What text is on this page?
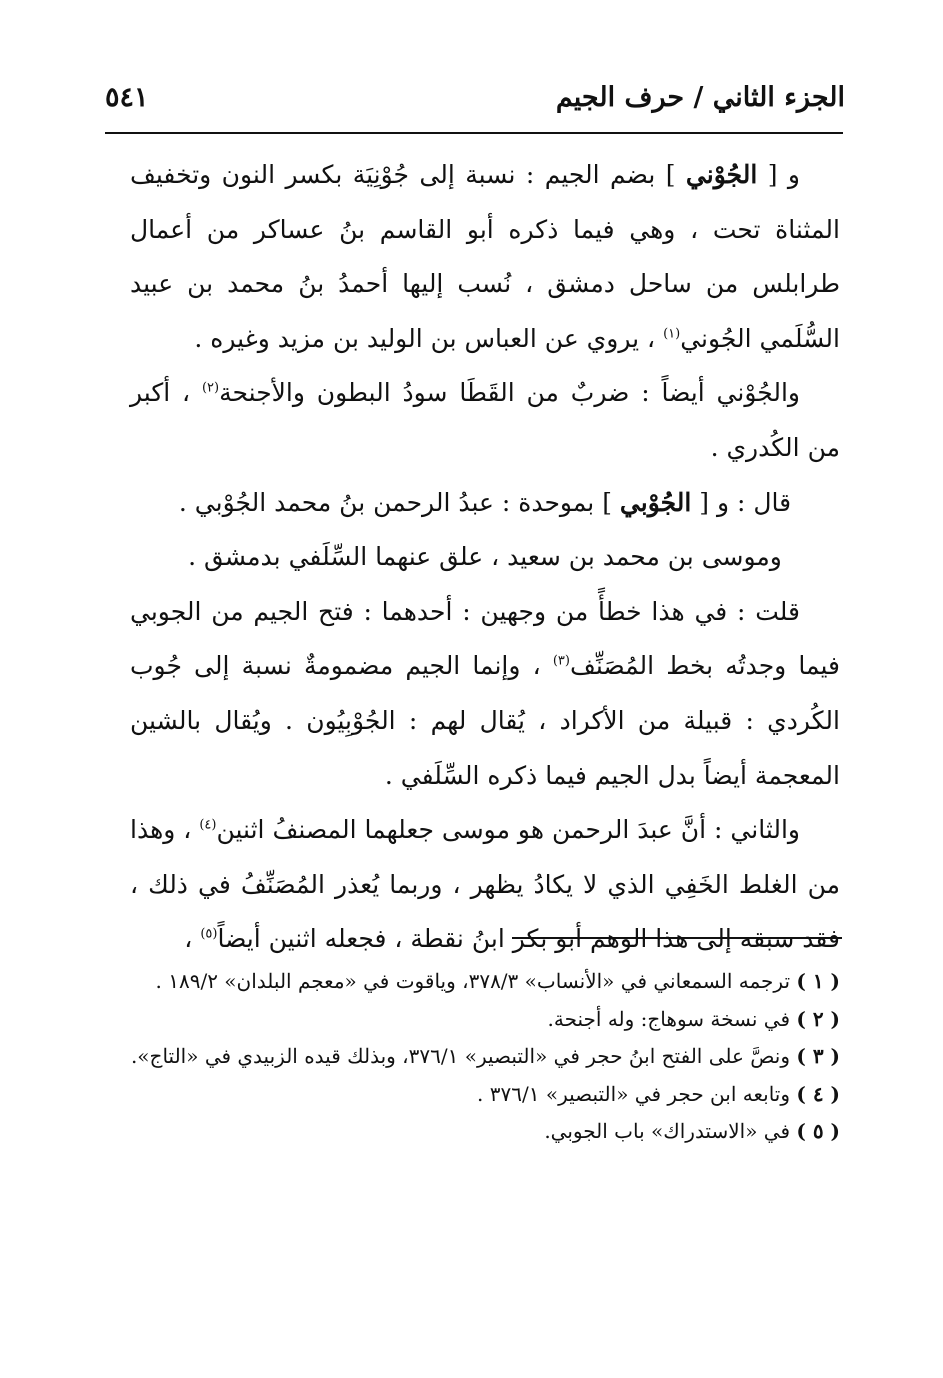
الجزء الثاني / حرف الجيم
٥٤١

و [ الجُوْني ] بضم الجيم : نسبة إلى جُوْنِيَة بكسر النون وتخفيف المثناة تحت ، وهي فيما ذكره أبو القاسم بنُ عساكر من أعمال طرابلس من ساحل دمشق ، نُسب إليها أحمدُ بنُ محمد بن عبيد السُّلَمي الجُوني$^{(١)}$ ، يروي عن العباس بن الوليد بن مزيد وغيره .

والجُوْني أيضاً : ضربٌ من القَطَا سودُ البطون والأجنحة$^{(٢)}$ ، أكبر من الكُدري .

قال : و [ الجُوْبي ] بموحدة : عبدُ الرحمن بنُ محمد الجُوْبي .

وموسى بن محمد بن سعيد ، علق عنهما السِّلَفي بدمشق .

قلت : في هذا خطأً من وجهين : أحدهما : فتح الجيم من الجوبي فيما وجدتُه بخط المُصَنِّف$^{(٣)}$ ، وإنما الجيم مضمومةٌ نسبة إلى جُوب الكُردي : قبيلة من الأكراد ، يُقال لهم : الجُوْبِيُون . ويُقال بالشين المعجمة أيضاً بدل الجيم فيما ذكره السِّلَفي .

والثاني : أنَّ عبدَ الرحمن هو موسى جعلهما المصنفُ اثنين$^{(٤)}$ ، وهذا من الغلط الخَفِي الذي لا يكادُ يظهر ، وربما يُعذر المُصَنِّفُ في ذلك ، فقد سبقه إلى هذا الوهم أبو بكر ابنُ نقطة ، فجعله اثنين أيضاً$^{(٥)}$ ،

( ١ ) ترجمه السمعاني في «الأنساب» ٣٧٨/٣، وياقوت في «معجم البلدان» ١٨٩/٢ .

( ٢ ) في نسخة سوهاج: وله أجنحة.

( ٣ ) ونصَّ على الفتح ابنُ حجر في «التبصير» ٣٧٦/١، وبذلك قيده الزبيدي في «التاج».

( ٤ ) وتابعه ابن حجر في «التبصير» ٣٧٦/١ .

( ٥ ) في «الاستدراك» باب الجوبي.
